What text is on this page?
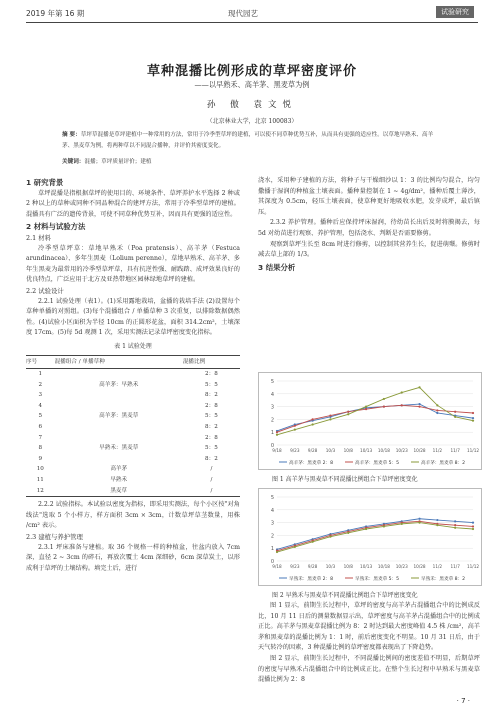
2019 年第 16 期	现代园艺	试验研究
草种混播比例形成的草坪密度评价
——以早熟禾、高羊茅、黑麦草为例
孙 傲 袁文悦
（北京林业大学，北京 100083）
摘 要：草坪草混播是草坪建植中一种常用的方法，常用于冷季型草坪的建植，可以使不同草种优势互补，从而具有更强的适应性。以草地早熟禾、高羊茅、黑麦草为例，将两种草以不同混合播种，并评价其密度变化。
关键词：混播；草坪质量评价；建植
1 研究背景

草坪混播是指根据草坪的使用目的、环境条件、草坪养护水平选择 2 种或 2 种以上的草种或同种不同品种混合的建坪方法，常用于冷季型草坪的建植。混播具有广泛的遗传背景，可使不同草种优势互补，因而具有更强的适应性。

2 材料与试验方法
2.1 材料

冷季型草坪草：草地早熟禾（Poa pratensis）、高羊茅（Festuca arundinacea）、多年生黑麦（Lolium perenne），草地早熟禾、高羊茅、多年生黑麦为最常用的冷季型草坪草，具有抗逆性强、耐践踏、成坪效果良好的优良特点，广泛应用于北方及亚热带地区园林绿地草坪的建植。

2.2 试验设计

2.2.1 试验处理（表1）。(1)采用露地栽培，盆播的栽培手法 (2)设置每个草种单播的对照组。(3)每个混播组合 / 单播草种 3 次重复，以排除数据偶然性。(4)试验小区面积为半径 10cm 的正圆形花盆，面积 314.2cm²，土壤深度 17cm。(5)每 5d 观测 1 次，采用实测法记录草坪密度变化指标。

表 1 试验处理
序号	混播组合 / 单播草种	混播比例
1		2：8
2	高羊茅：早熟禾	5：5
3		8：2
4		2：8
5	高羊茅：黑麦草	5：5
6		8：2
7		2：8
8	早熟禾：黑麦草	5：5
9		8：2
10	高羊茅	/
11	早熟禾	/
12	黑麦草	/

2.2.2 试验指标。本试验以密度为指标，即采用实测法，每个小区按"对角线法"选取 5 个小样方，样方面积 3cm × 3cm，计数草坪草茎数量，用株 /cm² 表示。

2.3 建植与养护管理

2.3.1 坪床准备与建植。取 36 个规格一样的种植盆，往盆内放入 7cm 深，直径 2 ~ 3cm 的碎石，再放次覆土 4cm 深细砂，6cm 深草炭土，以形成利于草坪的土壤结构。填完土后，进行

浇水，采用种子建植的方法，将种子与干燥细沙以 1：3 的比例均匀混合，均匀撒播于湿润的种植盆土壤表面。播种量控制在 1 ~ 4g/dm²，播种后覆土薄沙，其深度为 0.5cm，轻压土壤表面，使草种更好地吸收水肥，发芽成坪，最后镇压。

2.3.2 养护管理。播种后应保持坪床湿润，待幼苗长出后及时将膜揭去，每 5d 对幼苗进行观察、养护管理，包括浇水、判断是否需要修剪。

观察到草坪生长至 8cm 时进行修剪，以控制其营养生长，促进萌蘖。修剪时减去草上部的 1/3。

3 结果分析
0
1
2
3
4
5
9/18 9/23 9/28 10/3 10/8 10/13 10/18 10/23 10/28 11/2 11/7 11/12
高羊茅：黑麦草 2：8	高羊茅：黑麦草 5：5	高羊茅：黑麦草 8：2
图 1 高羊茅与黑麦草不同混播比例组合下草坪密度变化
0
1
2
3
4
5
9/18 9/23 9/28 10/3 10/8 10/13 10/18 10/23 10/28 11/2 11/7 11/12
早熟禾：黑麦草 2：8	早熟禾：黑麦草 5：5	早熟禾：黑麦草 8：2
图 2 早熟禾与黑麦草不同混播比例组合下草坪密度变化

图 1 显示，前期生长过程中，草坪的密度与高羊茅占混播组合中的比例成反比，10 月 11 日后的测量数据显示出，草坪密度与高羊茅占混播组合中的比例成正比。高羊茅与黑麦草混播比例为 8：2 时达到最大密度峰值 4.5 株 /cm²，高羊茅和黑麦草的混播比例为 1：1 时，前后密度变化不明显。10 月 31 日后，由于天气转冷的因素，3 种混播比例的草坪密度都表现出了下降趋势。

图 2 显示，前期生长过程中，不同混播比例间的密度差值不明显，后期草坪的密度与早熟禾占混播组合中的比例成正比。在整个生长过程中早熟禾与黑麦草混播比例为 2：8

· 7 ·
